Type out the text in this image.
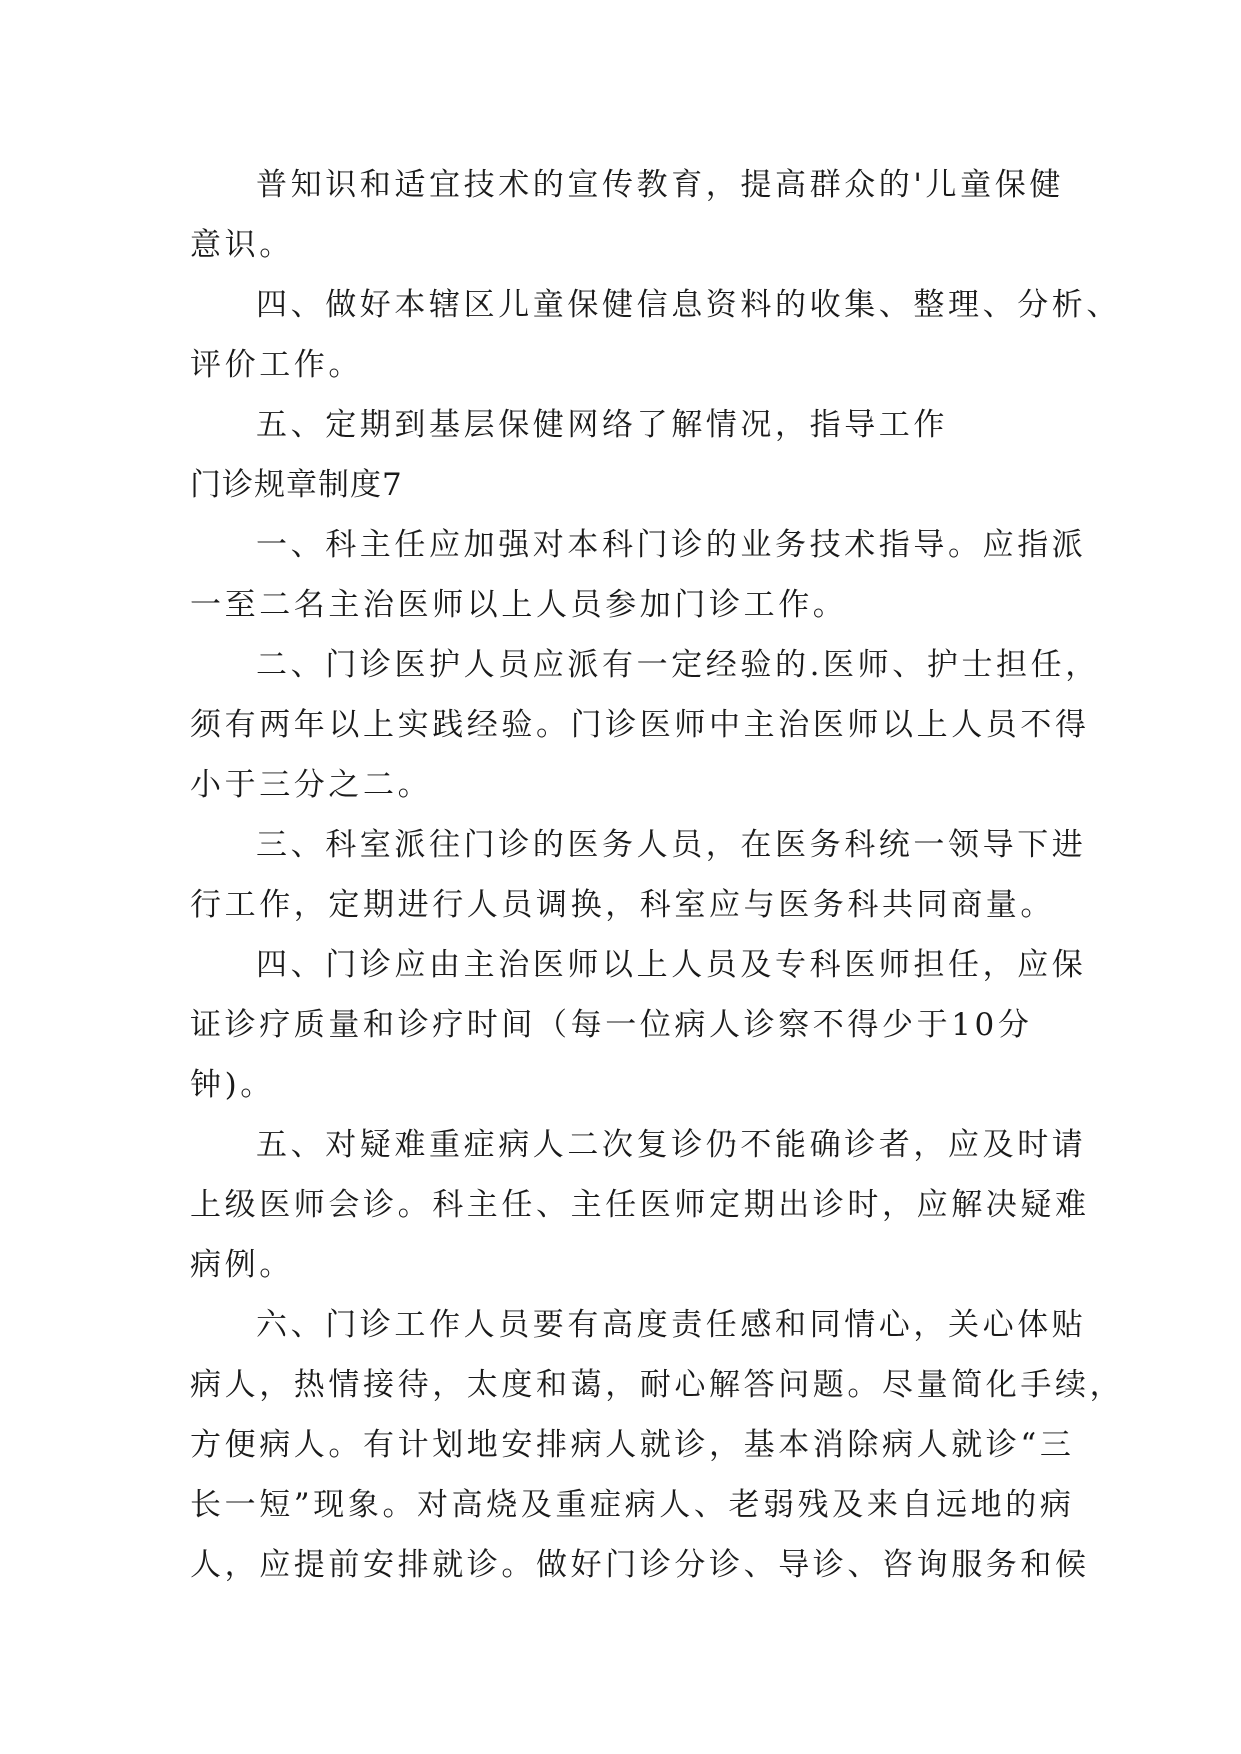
普知识和适宜技术的宣传教育，提高群众的'儿童保健
意识。
四、做好本辖区儿童保健信息资料的收集、整理、分析、
评价工作。
五、定期到基层保健网络了解情况，指导工作
门诊规章制度7
一、科主任应加强对本科门诊的业务技术指导。应指派
一至二名主治医师以上人员参加门诊工作。
二、门诊医护人员应派有一定经验的.医师、护士担任，
须有两年以上实践经验。门诊医师中主治医师以上人员不得
小于三分之二。
三、科室派往门诊的医务人员，在医务科统一领导下进
行工作，定期进行人员调换，科室应与医务科共同商量。
四、门诊应由主治医师以上人员及专科医师担任，应保
证诊疗质量和诊疗时间（每一位病人诊察不得少于10分
钟)。
五、对疑难重症病人二次复诊仍不能确诊者，应及时请
上级医师会诊。科主任、主任医师定期出诊时，应解决疑难
病例。
六、门诊工作人员要有高度责任感和同情心，关心体贴
病人，热情接待，太度和蔼，耐心解答问题。尽量简化手续，
方便病人。有计划地安排病人就诊，基本消除病人就诊“三
长一短”现象。对高烧及重症病人、老弱残及来自远地的病
人，应提前安排就诊。做好门诊分诊、导诊、咨询服务和候
